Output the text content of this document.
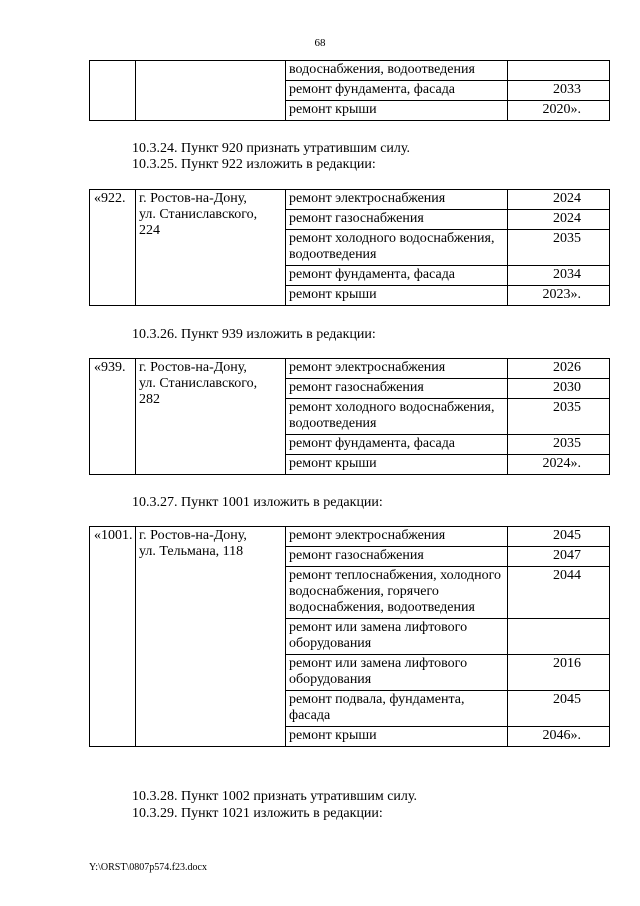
68
		водоснабжения, водоотведения	
		ремонт фундамента, фасада	2033
		ремонт крыши	2020».
10.3.24. Пункт 920 признать утратившим силу.
10.3.25. Пункт 922 изложить в редакции:
«922.	г. Ростов-на-Дону,
ул. Станиславского,
224	ремонт электроснабжения	2024
		ремонт газоснабжения	2024
		ремонт холодного водоснабжения, водоотведения	2035
		ремонт фундамента, фасада	2034
		ремонт крыши	2023».
10.3.26. Пункт 939 изложить в редакции:
«939.	г. Ростов-на-Дону,
ул. Станиславского,
282	ремонт электроснабжения	2026
		ремонт газоснабжения	2030
		ремонт холодного водоснабжения, водоотведения	2035
		ремонт фундамента, фасада	2035
		ремонт крыши	2024».
10.3.27. Пункт 1001 изложить в редакции:
«1001.	г. Ростов-на-Дону,
ул. Тельмана, 118	ремонт электроснабжения	2045
		ремонт газоснабжения	2047
		ремонт теплоснабжения, холодного водоснабжения, горячего водоснабжения, водоотведения	2044
		ремонт или замена лифтового оборудования	
		ремонт или замена лифтового оборудования	2016
		ремонт подвала, фундамента, фасада	2045
		ремонт крыши	2046».
10.3.28. Пункт 1002 признать утратившим силу.
10.3.29. Пункт 1021 изложить в редакции:
Y:\ORST\0807p574.f23.docx
